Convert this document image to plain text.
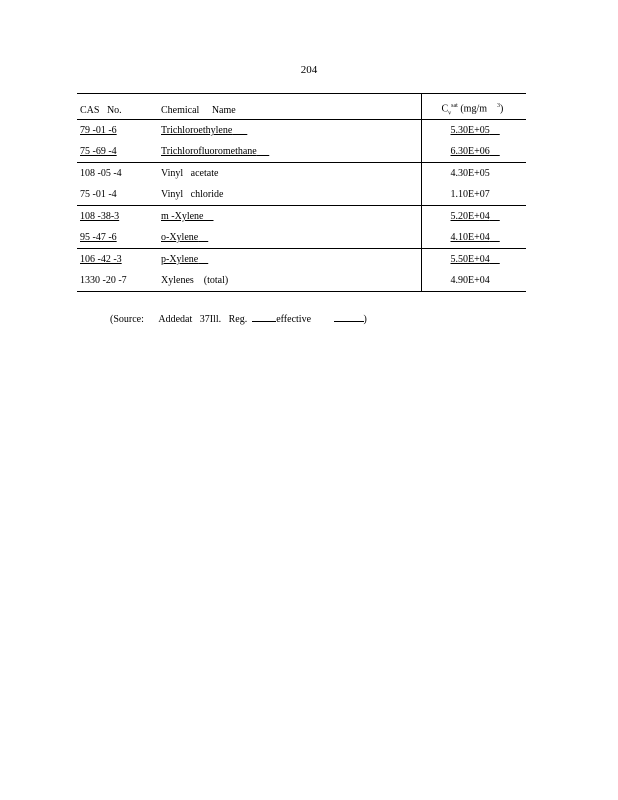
204
CAS   No.	Chemical     Name	$C_v^{sat}$ (mg/m $^3$)
79 -01 -6	Trichloroethylene	5.30E+05
75 -69 -4	Trichlorofluoromethane	6.30E+06
108 -05 -4	Vinyl   acetate	4.30E+05
75 -01 -4	Vinyl   chloride	1.10E+07
108 -38-3	m -Xylene	5.20E+04
95 -47 -6	o-Xylene	4.10E+04
106 -42 -3	p-Xylene	5.50E+04
1330 -20 -7	Xylenes    (total)	4.90E+04
(Source: Addedat   37Ill.   Reg.	effective	)
